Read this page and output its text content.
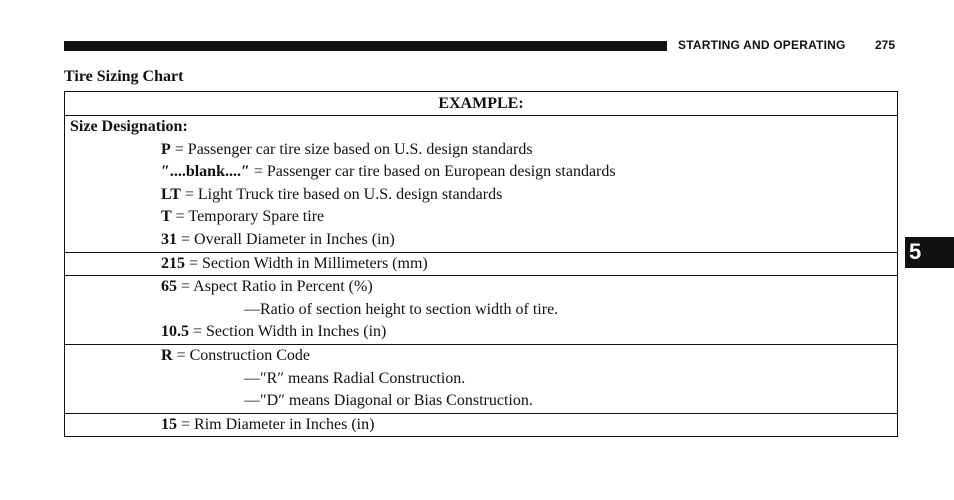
STARTING AND OPERATING 275
Tire Sizing Chart
5
EXAMPLE:
Size Designation:
P = Passenger car tire size based on U.S. design standards
″....blank....″ = Passenger car tire based on European design standards
LT = Light Truck tire based on U.S. design standards
T = Temporary Spare tire
31 = Overall Diameter in Inches (in)
215 = Section Width in Millimeters (mm)
65 = Aspect Ratio in Percent (%)
—Ratio of section height to section width of tire.
10.5 = Section Width in Inches (in)
R = Construction Code
—″R″ means Radial Construction.
—″D″ means Diagonal or Bias Construction.
15 = Rim Diameter in Inches (in)
